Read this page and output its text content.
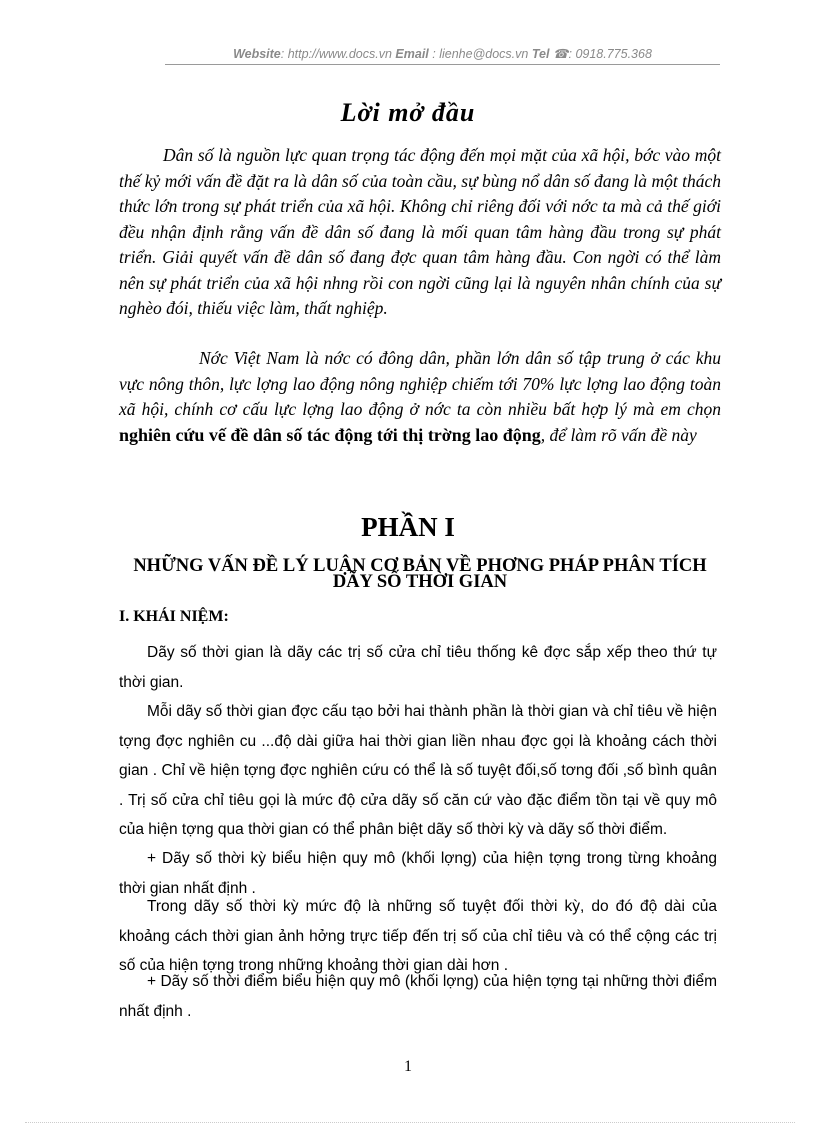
Website: http://www.docs.vn Email : lienhe@docs.vn Tel ☎: 0918.775.368
Lời mở đầu
Dân số là nguồn lực quan trọng tác động đến mọi mặt của xã hội, bớc vào một thế kỷ mới vấn đề đặt ra là dân số của toàn cầu, sự bùng nổ dân số đang là một thách thức lớn trong sự phát triển của xã hội. Không chỉ riêng đối với nớc ta mà cả thế giới đều nhận định rằng vấn đề dân số đang là mối quan tâm hàng đầu trong sự phát triển. Giải quyết vấn đề dân số đang đợc quan tâm hàng đầu. Con ngời có thể làm nên sự phát triển của xã hội nhng rồi con ngời cũng lại là nguyên nhân chính của sự nghèo đói, thiếu việc làm, thất nghiệp.
Nớc Việt Nam là nớc có đông dân, phần lớn dân số tập trung ở các khu vực nông thôn, lực lợng lao động nông nghiệp chiếm tới 70% lực lợng lao động toàn xã hội, chính cơ cấu lực lợng lao động ở nớc ta còn nhiều bất hợp lý mà em chọn nghiên cứu vế đề dân số tác động tới thị trờng lao động, để làm rõ vấn đề này
PHẦN I
NHỮNG VẤN ĐỀ LÝ LUẬN CƠ BẢN VỀ PHƠNG PHÁP PHÂN TÍCH DÃY SỐ THỜI GIAN
I. KHÁI NIỆM:
Dãy số thời gian là dãy các trị số cửa chỉ tiêu thống kê đợc sắp xếp theo thứ tự thời gian.
Mỗi dãy số thời gian đợc cấu tạo bởi hai thành phần là thời gian và chỉ tiêu về hiện tợng đợc nghiên cu ...độ dài giữa hai thời gian liền nhau đợc gọi là khoảng cách thời gian . Chỉ về hiện tợng đợc nghiên cứu có thể là số tuyệt đối,số tơng đối ,số bình quân . Trị số cửa chỉ tiêu gọi là mức độ cửa dãy số căn cứ vào đặc điểm tồn tại về quy mô của hiện tợng qua thời gian có thể phân biệt dãy số thời kỳ và dãy số thời điểm.
+ Dãy số thời kỳ biểu hiện quy mô (khối lợng) của hiện tợng trong từng khoảng thời gian nhất định .
Trong dãy số thời kỳ mức độ là những số tuyệt đối thời kỳ, do đó độ dài của khoảng cách thời gian ảnh hởng trực tiếp đến trị số của chỉ tiêu và có thể cộng các trị số của hiện tợng trong những khoảng thời gian dài hơn .
+ Dãy số thời điểm biểu hiện quy mô (khối lợng) của hiện tợng tại những thời điểm nhất định .
1
